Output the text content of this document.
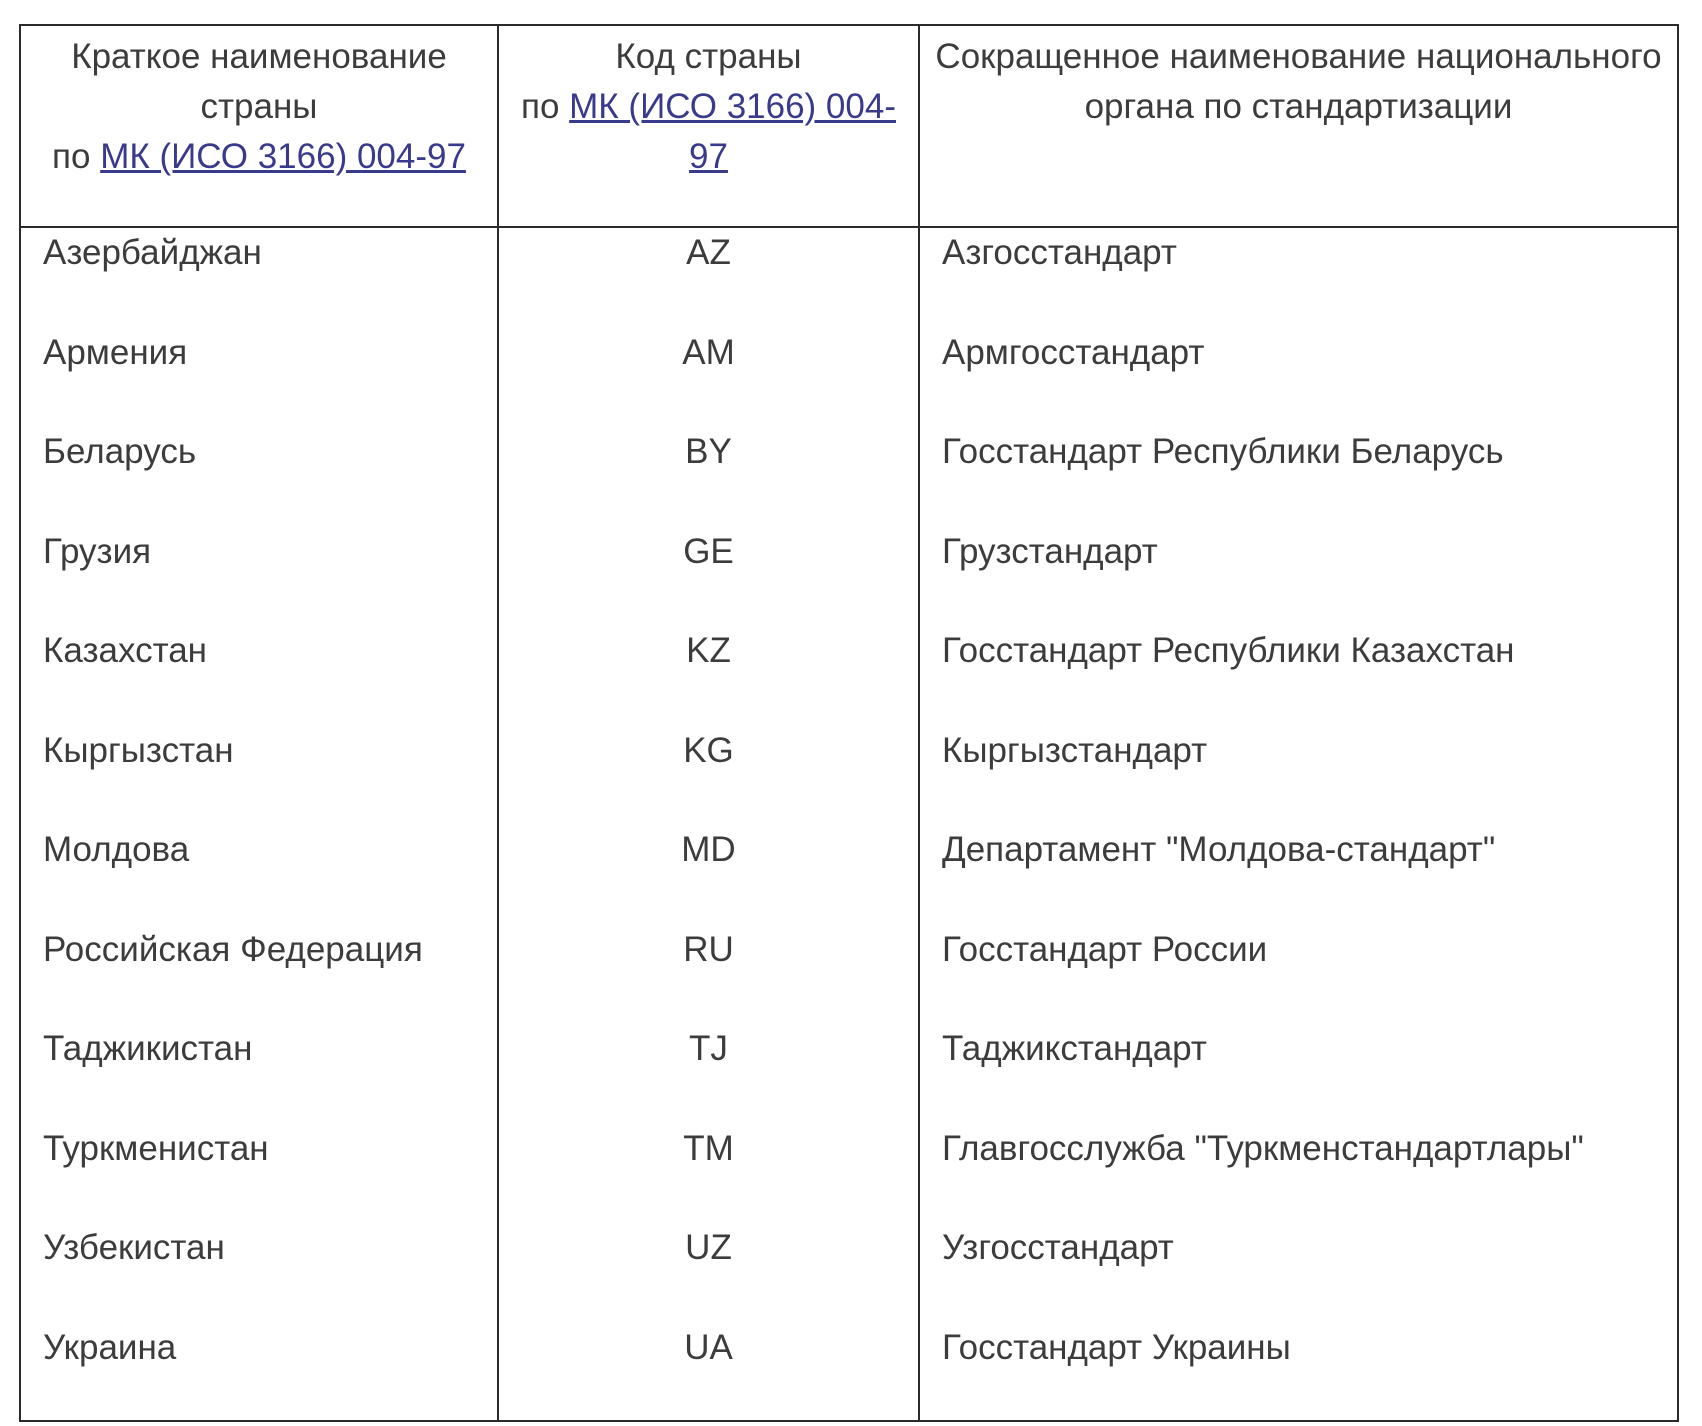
Краткое наименование страны
по МК (ИСО 3166) 004-97
Код страны
по МК (ИСО 3166) 004-97
Сокращенное наименование национального органа по стандартизации
Азербайджан
Армения
Беларусь
Грузия
Казахстан
Кыргызстан
Молдова
Российская Федерация
Таджикистан
Туркменистан
Узбекистан
Украина
AZ
AM
BY
GE
KZ
KG
MD
RU
TJ
TM
UZ
UA
Азгосстандарт
Армгосстандарт
Госстандарт Республики Беларусь
Грузстандарт
Госстандарт Республики Казахстан
Кыргызстандарт
Департамент "Молдова-стандарт"
Госстандарт России
Таджикстандарт
Главгосслужба "Туркменстандартлары"
Узгосстандарт
Госстандарт Украины
